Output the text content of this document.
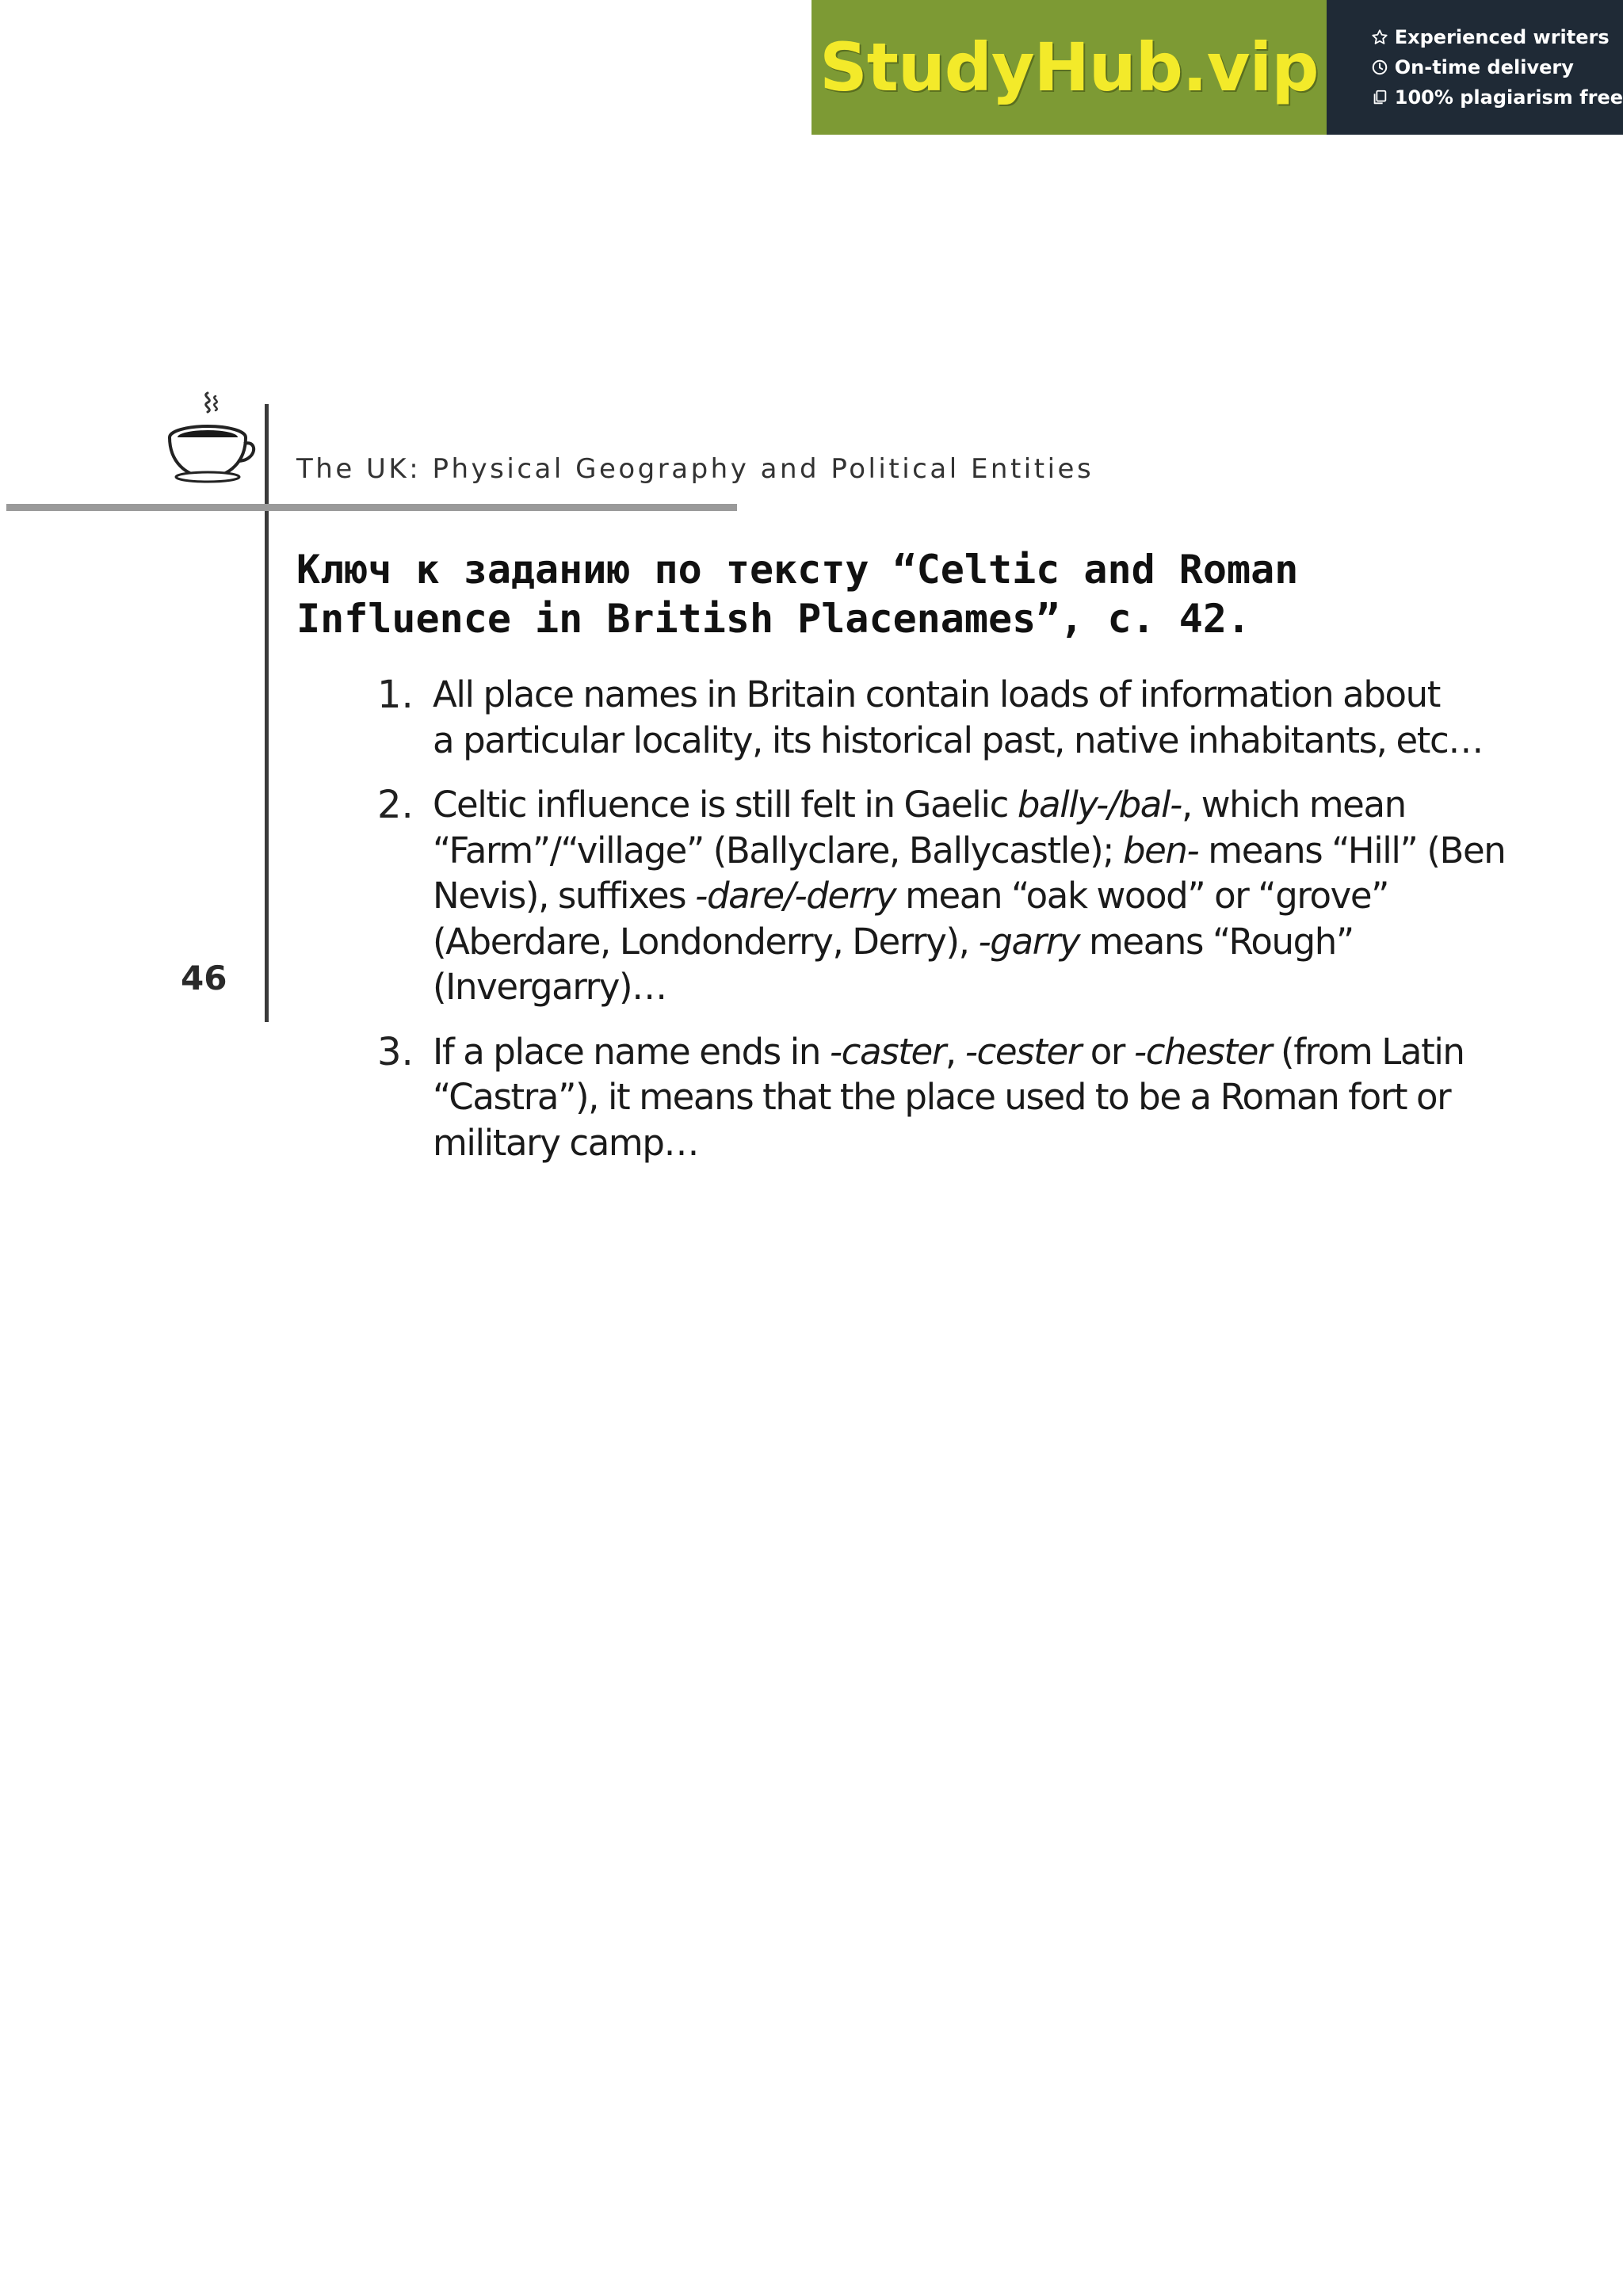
StudyHub.vip	Experienced writers
On-time delivery
100% plagiarism free
The UK: Physical Geography and Political Entities
46
Ключ к заданию по тексту “Celtic and Roman
Influence in British Placenames”, с. 42.
1. All place names in Britain contain loads of information about
a particular locality, its historical past, native inhabitants, etc…
2. Celtic influence is still felt in Gaelic bally-/bal-, which mean
“Farm”/“village” (Ballyclare, Ballycastle); ben- means “Hill” (Ben
Nevis), suffixes -dare/-derry mean “oak wood” or “grove”
(Aberdare, Londonderry, Derry), -garry means “Rough”
(Invergarry)…
3. If a place name ends in -caster, -cester or -chester (from Latin
“Castra”), it means that the place used to be a Roman fort or
military camp…
